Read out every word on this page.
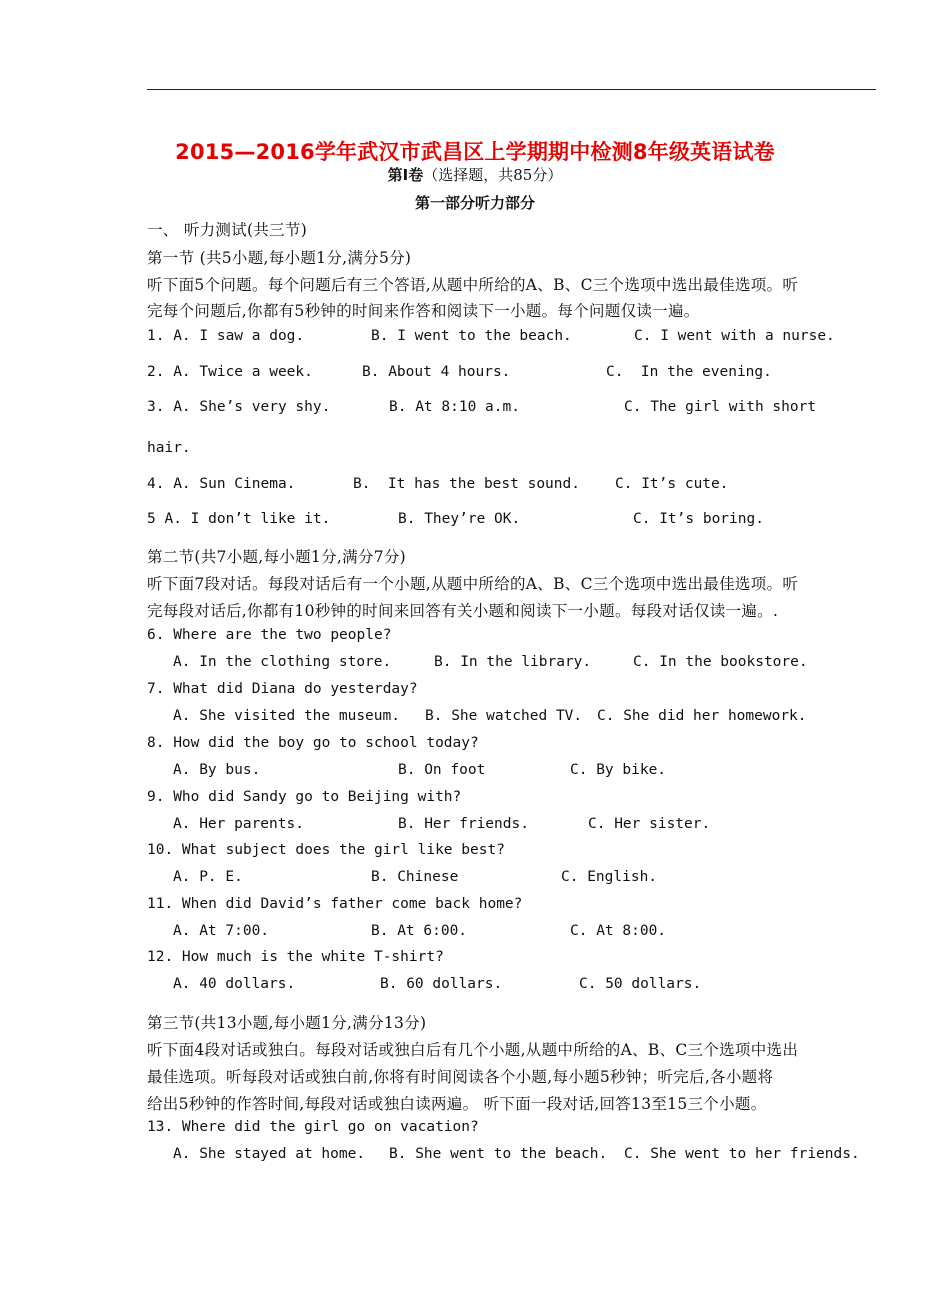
2015—2016学年武汉市武昌区上学期期中检测8年级英语试卷
第Ⅰ卷（选择题，共85分）
第一部分听力部分
一、 听力测试(共三节)
第一节 (共5小题,每小题1分,满分5分)
听下面5个问题。每个问题后有三个答语,从题中所给的A、B、C三个选项中选出最佳选项。听
完每个问题后,你都有5秒钟的时间来作答和阅读下一小题。每个问题仅读一遍。
1. A. I saw a dog.	B. I went to the beach.	C. I went with a nurse.
2. A. Twice a week.	B. About 4 hours.	C.  In the evening.
3. A. She’s very shy.	B. At 8:10 a.m.	C. The girl with short
hair.
4. A. Sun Cinema.	B.  It has the best sound. C. It’s cute.
5 A. I don’t like it.	B. They’re OK.	C. It’s boring.
第二节(共7小题,每小题1分,满分7分)
听下面7段对话。每段对话后有一个小题,从题中所给的A、B、C三个选项中选出最佳选项。听
完每段对话后,你都有10秒钟的时间来回答有关小题和阅读下一小题。每段对话仅读一遍。.
6. Where are the two people?
A. In the clothing store.	B. In the library.	C. In the bookstore.
7. What did Diana do yesterday?
A. She visited the museum. B. She watched TV. C. She did her homework.
8. How did the boy go to school today?
A. By bus.	B. On foot	C. By bike.
9. Who did Sandy go to Beijing with?
A. Her parents.	B. Her friends.	C. Her sister.
10. What subject does the girl like best?
A. P. E.	B. Chinese	C. English.
11. When did David’s father come back home?
A. At 7:00.	B. At 6:00.	C. At 8:00.
12. How much is the white T-shirt?
A. 40 dollars.	B. 60 dollars.	C. 50 dollars.
第三节(共13小题,每小题1分,满分13分)
听下面4段对话或独白。每段对话或独白后有几个小题,从题中所给的A、B、C三个选项中选出
最佳选项。听每段对话或独白前,你将有时间阅读各个小题,每小题5秒钟；听完后,各小题将
给出5秒钟的作答时间,每段对话或独白读两遍。 听下面一段对话,回答13至15三个小题。
13. Where did the girl go on vacation?
A. She stayed at home. B. She went to the beach. C. She went to her friends.
